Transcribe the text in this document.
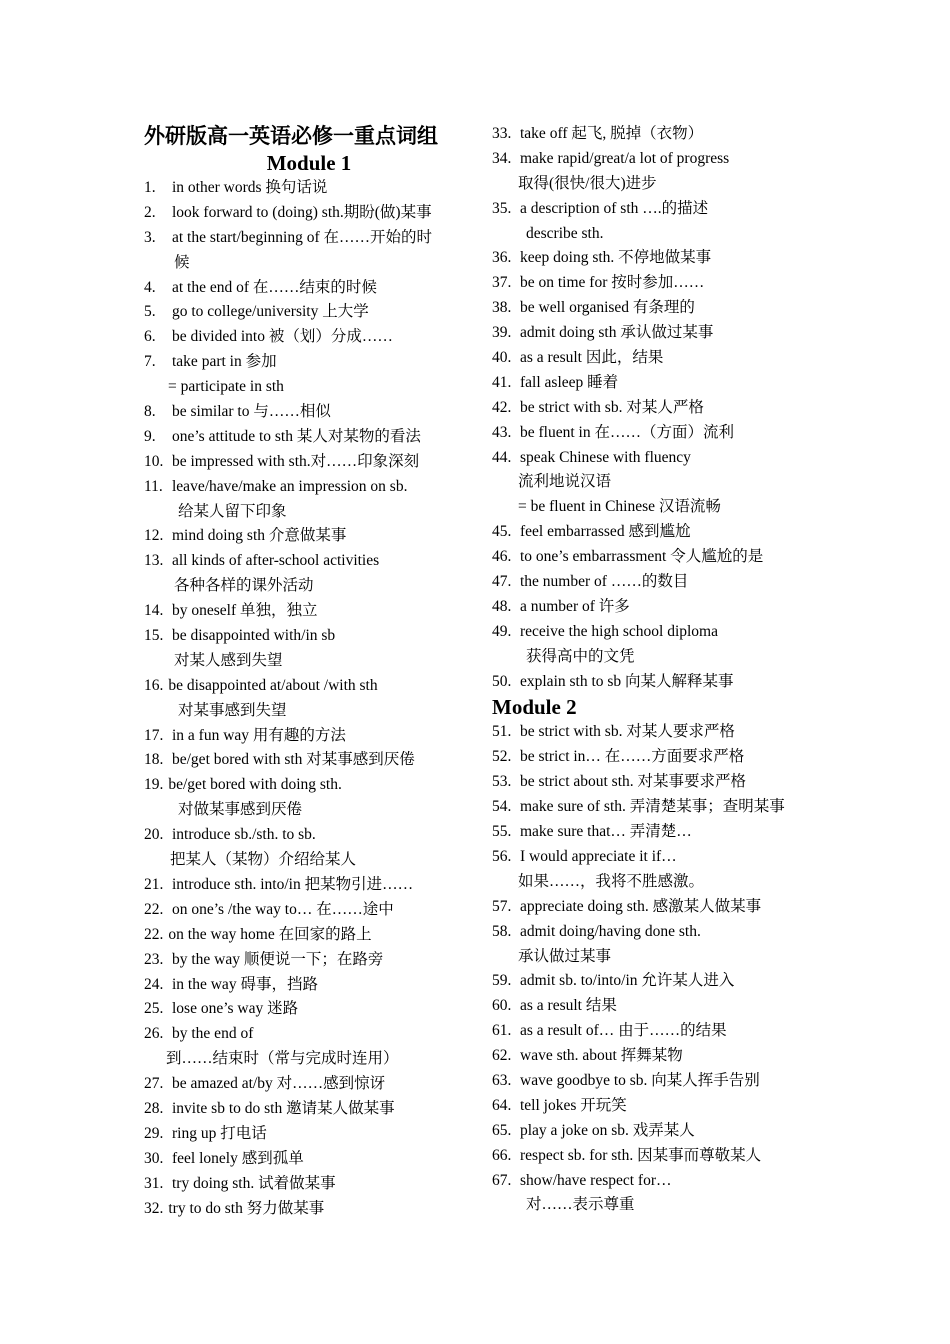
外研版高一英语必修一重点词组
Module 1
1. in other words 换句话说
2. look forward to (doing) sth.期盼(做)某事
3. at the start/beginning of 在……开始的时
候
4. at the end of 在……结束的时候
5. go to college/university 上大学
6. be divided into 被（划）分成……
7. take part in 参加
= participate in sth
8. be similar to 与……相似
9. one’s attitude to sth 某人对某物的看法
10. be impressed with sth.对……印象深刻
11. leave/have/make an impression on sb.
给某人留下印象
12. mind doing sth 介意做某事
13. all kinds of after-school activities
各种各样的课外活动
14. by oneself 单独，独立
15. be disappointed with/in sb
对某人感到失望
16. be disappointed at/about /with sth
对某事感到失望
17. in a fun way 用有趣的方法
18. be/get bored with sth 对某事感到厌倦
19. be/get bored with doing sth.
对做某事感到厌倦
20. introduce sb./sth. to sb.
把某人（某物）介绍给某人
21. introduce sth. into/in 把某物引进……
22. on one’s /the way to… 在……途中
22. on the way home 在回家的路上
23. by the way 顺便说一下；在路旁
24. in the way 碍事，挡路
25. lose one’s way 迷路
26. by the end of
到……结束时（常与完成时连用）
27. be amazed at/by 对……感到惊讶
28. invite sb to do sth 邀请某人做某事
29. ring up 打电话
30. feel lonely 感到孤单
31. try doing sth. 试着做某事
32. try to do sth 努力做某事
33. take off 起飞, 脱掉（衣物）
34. make rapid/great/a lot of progress
取得(很快/很大)进步
35. a description of sth ….的描述
describe sth.
36. keep doing sth. 不停地做某事
37. be on time for 按时参加……
38. be well organised 有条理的
39. admit doing sth 承认做过某事
40. as a result 因此，结果
41. fall asleep 睡着
42. be strict with sb. 对某人严格
43. be fluent in 在……（方面）流利
44. speak Chinese with fluency
流利地说汉语
= be fluent in Chinese 汉语流畅
45. feel embarrassed 感到尴尬
46. to one’s embarrassment 令人尴尬的是
47. the number of ……的数目
48. a number of 许多
49. receive the high school diploma
获得高中的文凭
50. explain sth to sb 向某人解释某事
Module 2
51. be strict with sb. 对某人要求严格
52. be strict in… 在……方面要求严格
53. be strict about sth. 对某事要求严格
54. make sure of sth. 弄清楚某事；查明某事
55. make sure that… 弄清楚…
56. I would appreciate it if…
如果……，我将不胜感激。
57. appreciate doing sth. 感激某人做某事
58. admit doing/having done sth.
承认做过某事
59. admit sb. to/into/in 允许某人进入
60. as a result 结果
61. as a result of… 由于……的结果
62. wave sth. about 挥舞某物
63. wave goodbye to sb. 向某人挥手告别
64. tell jokes 开玩笑
65. play a joke on sb. 戏弄某人
66. respect sb. for sth. 因某事而尊敬某人
67. show/have respect for…
对……表示尊重
